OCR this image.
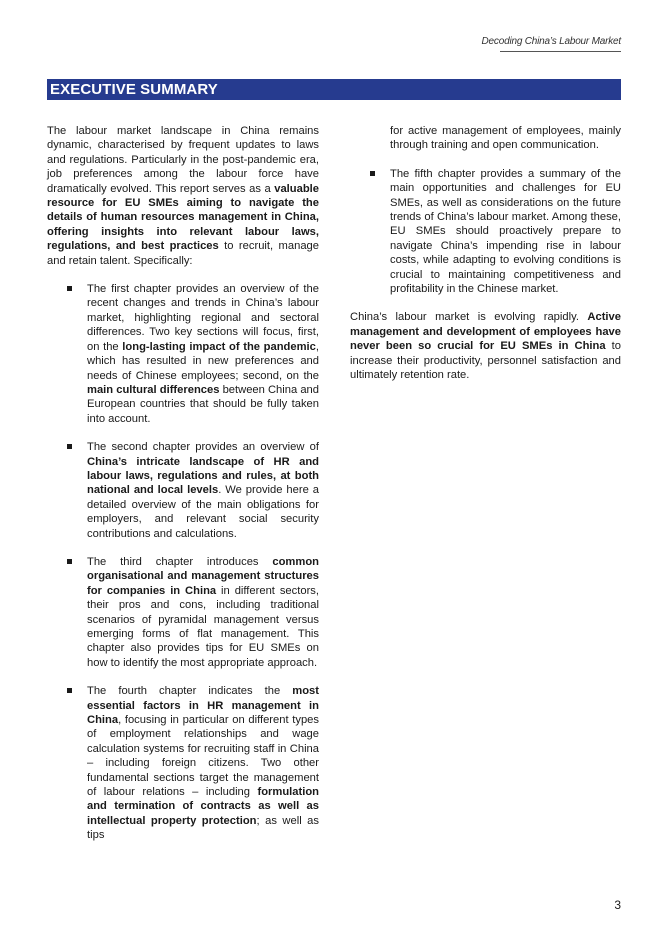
Decoding China’s Labour Market
EXECUTIVE SUMMARY

The labour market landscape in China remains dynamic, characterised by frequent updates to laws and regulations. Particularly in the post-pandemic era, job preferences among the labour force have dramatically evolved. This report serves as a valuable resource for EU SMEs aiming to navigate the details of human resources management in China, offering insights into relevant labour laws, regulations, and best practices to recruit, manage and retain talent. Specifically:

The first chapter provides an overview of the recent changes and trends in China’s labour market, highlighting regional and sectoral differences. Two key sections will focus, first, on the long-lasting impact of the pandemic, which has resulted in new preferences and needs of Chinese employees; second, on the main cultural differences between China and European countries that should be fully taken into account.
The second chapter provides an overview of China’s intricate landscape of HR and labour laws, regulations and rules, at both national and local levels. We provide here a detailed overview of the main obligations for employers, and relevant social security contributions and calculations.
The third chapter introduces common organisational and management structures for companies in China in different sectors, their pros and cons, including traditional scenarios of pyramidal management versus emerging forms of flat management. This chapter also provides tips for EU SMEs on how to identify the most appropriate approach.
The fourth chapter indicates the most essential factors in HR management in China, focusing in particular on different types of employment relationships and wage calculation systems for recruiting staff in China – including foreign citizens. Two other fundamental sections target the management of labour relations – including formulation and termination of contracts as well as intellectual property protection; as well as tips

for active management of employees, mainly through training and open communication.

The fifth chapter provides a summary of the main opportunities and challenges for EU SMEs, as well as considerations on the future trends of China’s labour market. Among these, EU SMEs should proactively prepare to navigate China’s impending rise in labour costs, while adapting to evolving conditions is crucial to maintaining competitiveness and profitability in the Chinese market.

China’s labour market is evolving rapidly. Active management and development of employees have never been so crucial for EU SMEs in China to increase their productivity, personnel satisfaction and ultimately retention rate.

3
